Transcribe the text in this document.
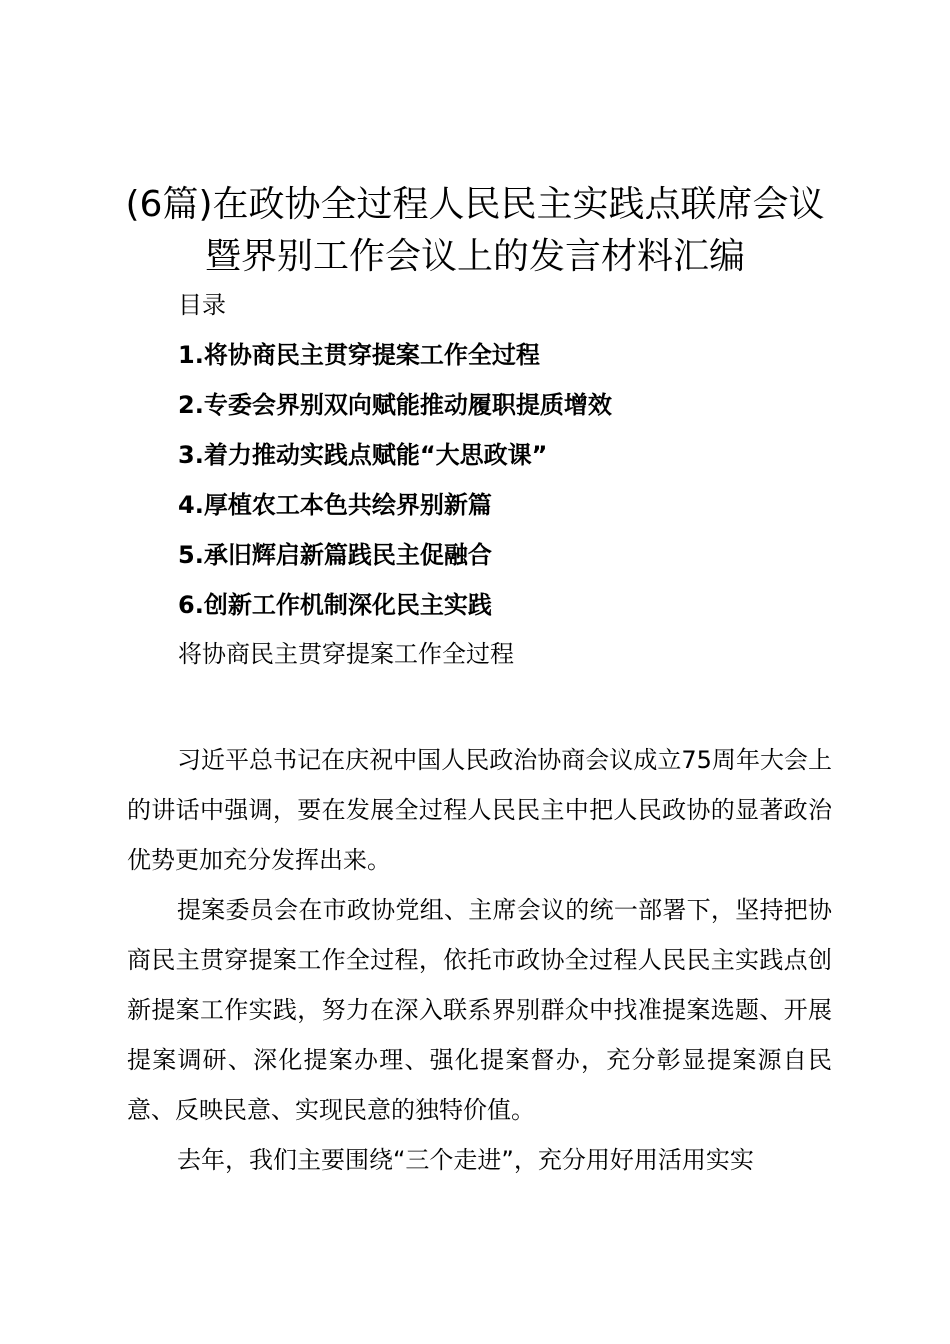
(6篇)在政协全过程人民民主实践点联席会议
暨界别工作会议上的发言材料汇编
目录
1.将协商民主贯穿提案工作全过程
2.专委会界别双向赋能推动履职提质增效
3.着力推动实践点赋能“大思政课”
4.厚植农工本色共绘界别新篇
5.承旧辉启新篇践民主促融合
6.创新工作机制深化民主实践
将协商民主贯穿提案工作全过程

习近平总书记在庆祝中国人民政治协商会议成立75周年大会上的讲话中强调，要在发展全过程人民民主中把人民政协的显著政治优势更加充分发挥出来。

提案委员会在市政协党组、主席会议的统一部署下，坚持把协商民主贯穿提案工作全过程，依托市政协全过程人民民主实践点创新提案工作实践，努力在深入联系界别群众中找准提案选题、开展提案调研、深化提案办理、强化提案督办，充分彰显提案源自民意、反映民意、实现民意的独特价值。

去年，我们主要围绕“三个走进”，充分用好用活用实实
